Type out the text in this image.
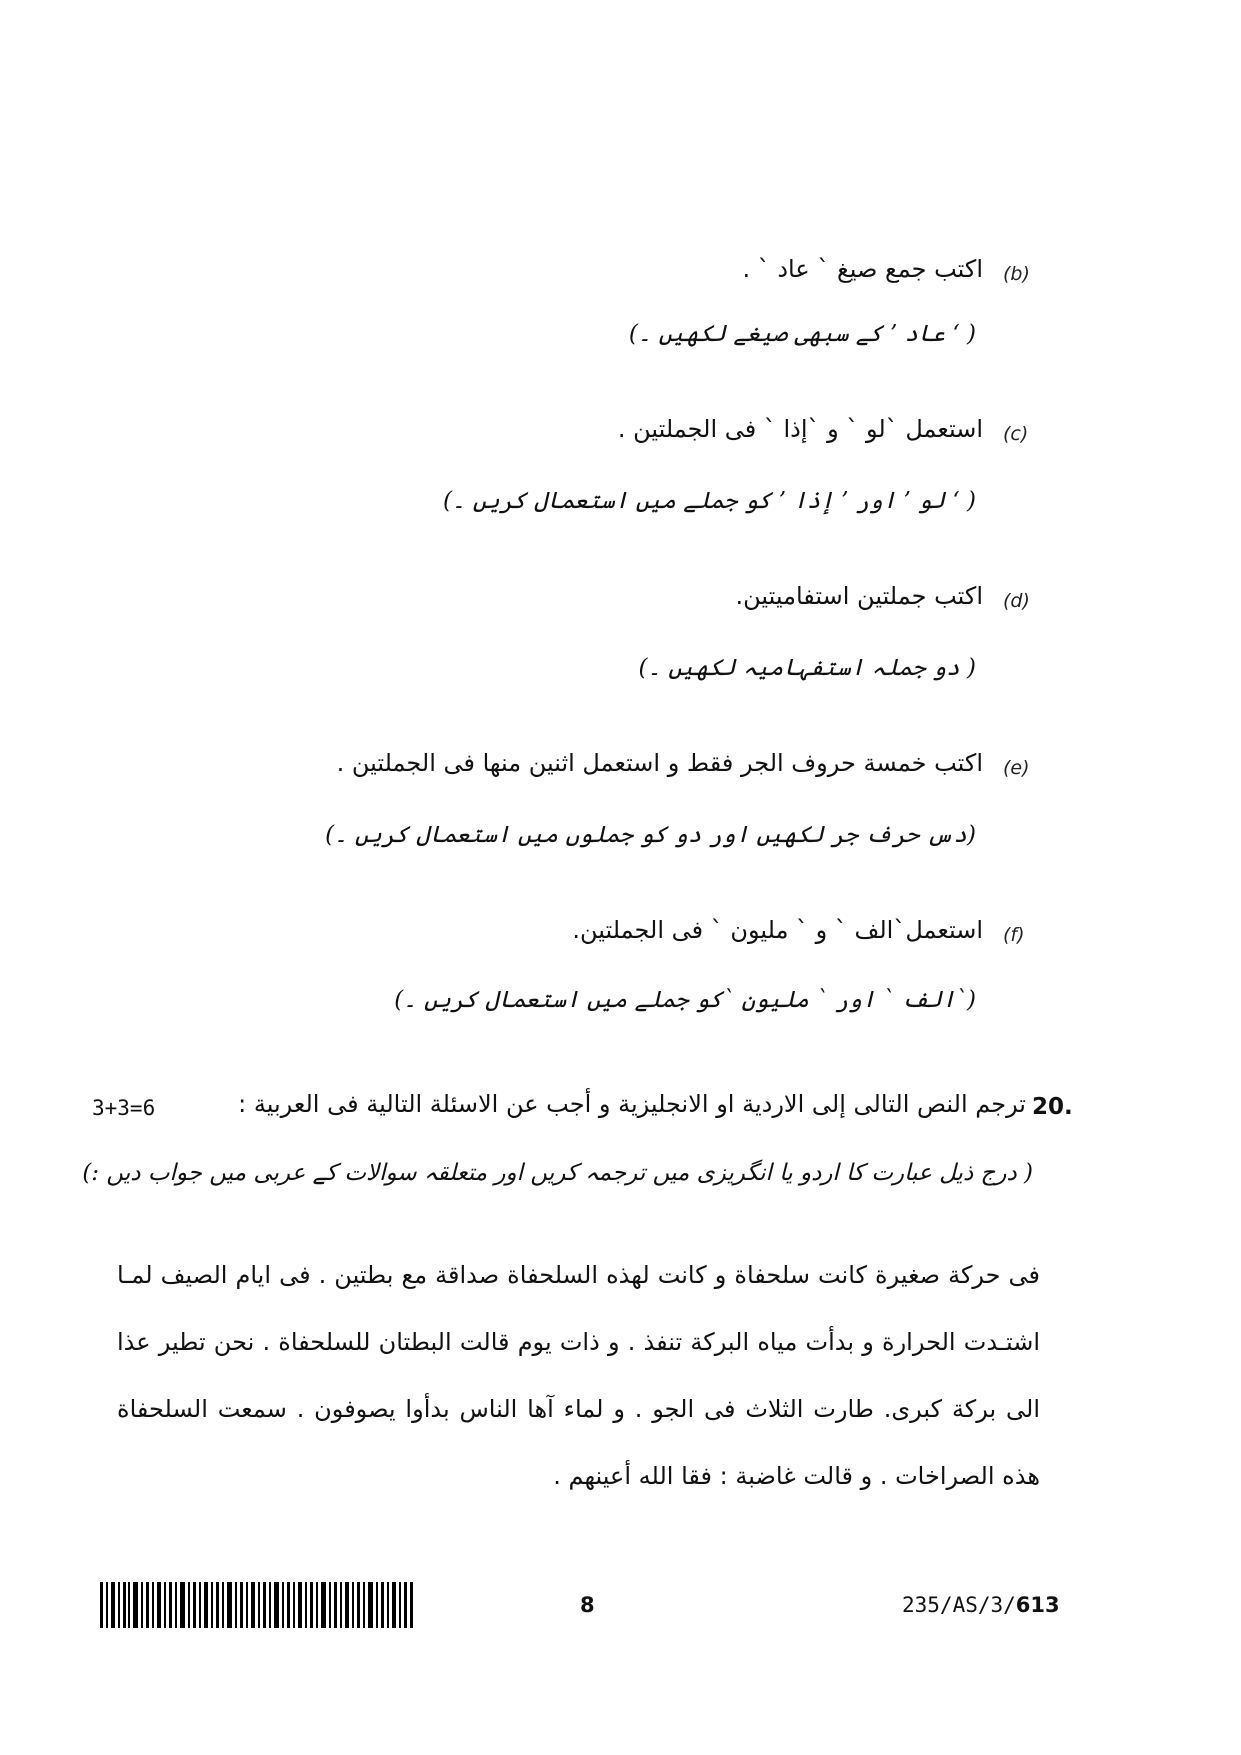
(b)
اكتب جمع صيغ ` عاد ` .
( ‘ عاد ’ کے سبھی صیغے لکھیں ۔)
(c)
استعمل `لو ` و `إذا ` فی الجملتین .
( ‘ لو ’ اور ’ إذا ’ کو جملے میں استعمال کریں ۔)
(d)
اكتب جملتین استفامیتین.
( دو جملہ استفہامیہ لکھیں ۔)
(e)
اكتب خمسة حروف الجر فقط و استعمل اثنین منها فی الجملتین .
(دس حرف جر لکھیں اور دو کو جملوں میں استعمال کریں ۔)
(f)
استعمل`الف ` و ` ملیون ` فی الجملتین.
(`الف ` اور ` ملیون `کو جملے میں استعمال کریں ۔)
20.
ترجم النص التالی إلی الاردیة او الانجلیزیة و أجب عن الاسئلة التالیة فی العربیة :
3+3=6
( درج ذیل عبارت کا اردو یا انگریزی میں ترجمہ کریں اور متعلقہ سوالات کے عربی میں جواب دیں :)
فی حركة صغیرة كانت سلحفاة و كانت لهذه السلحفاة صداقة مع بطتین . فی ایام الصیف لمـا اشتـدت الحرارة و بدأت میاه البركة تنفذ . و ذات یوم قالت البطتان للسلحفاة . نحن تطیر عذا الی بركة كبری. طارت الثلاث فی الجو . و لماء آها الناس بدأوا یصوفون . سمعت السلحفاة هذه الصراخات . و قالت غاضبة : فقا الله أعینهم .
8	235/AS/3/613
